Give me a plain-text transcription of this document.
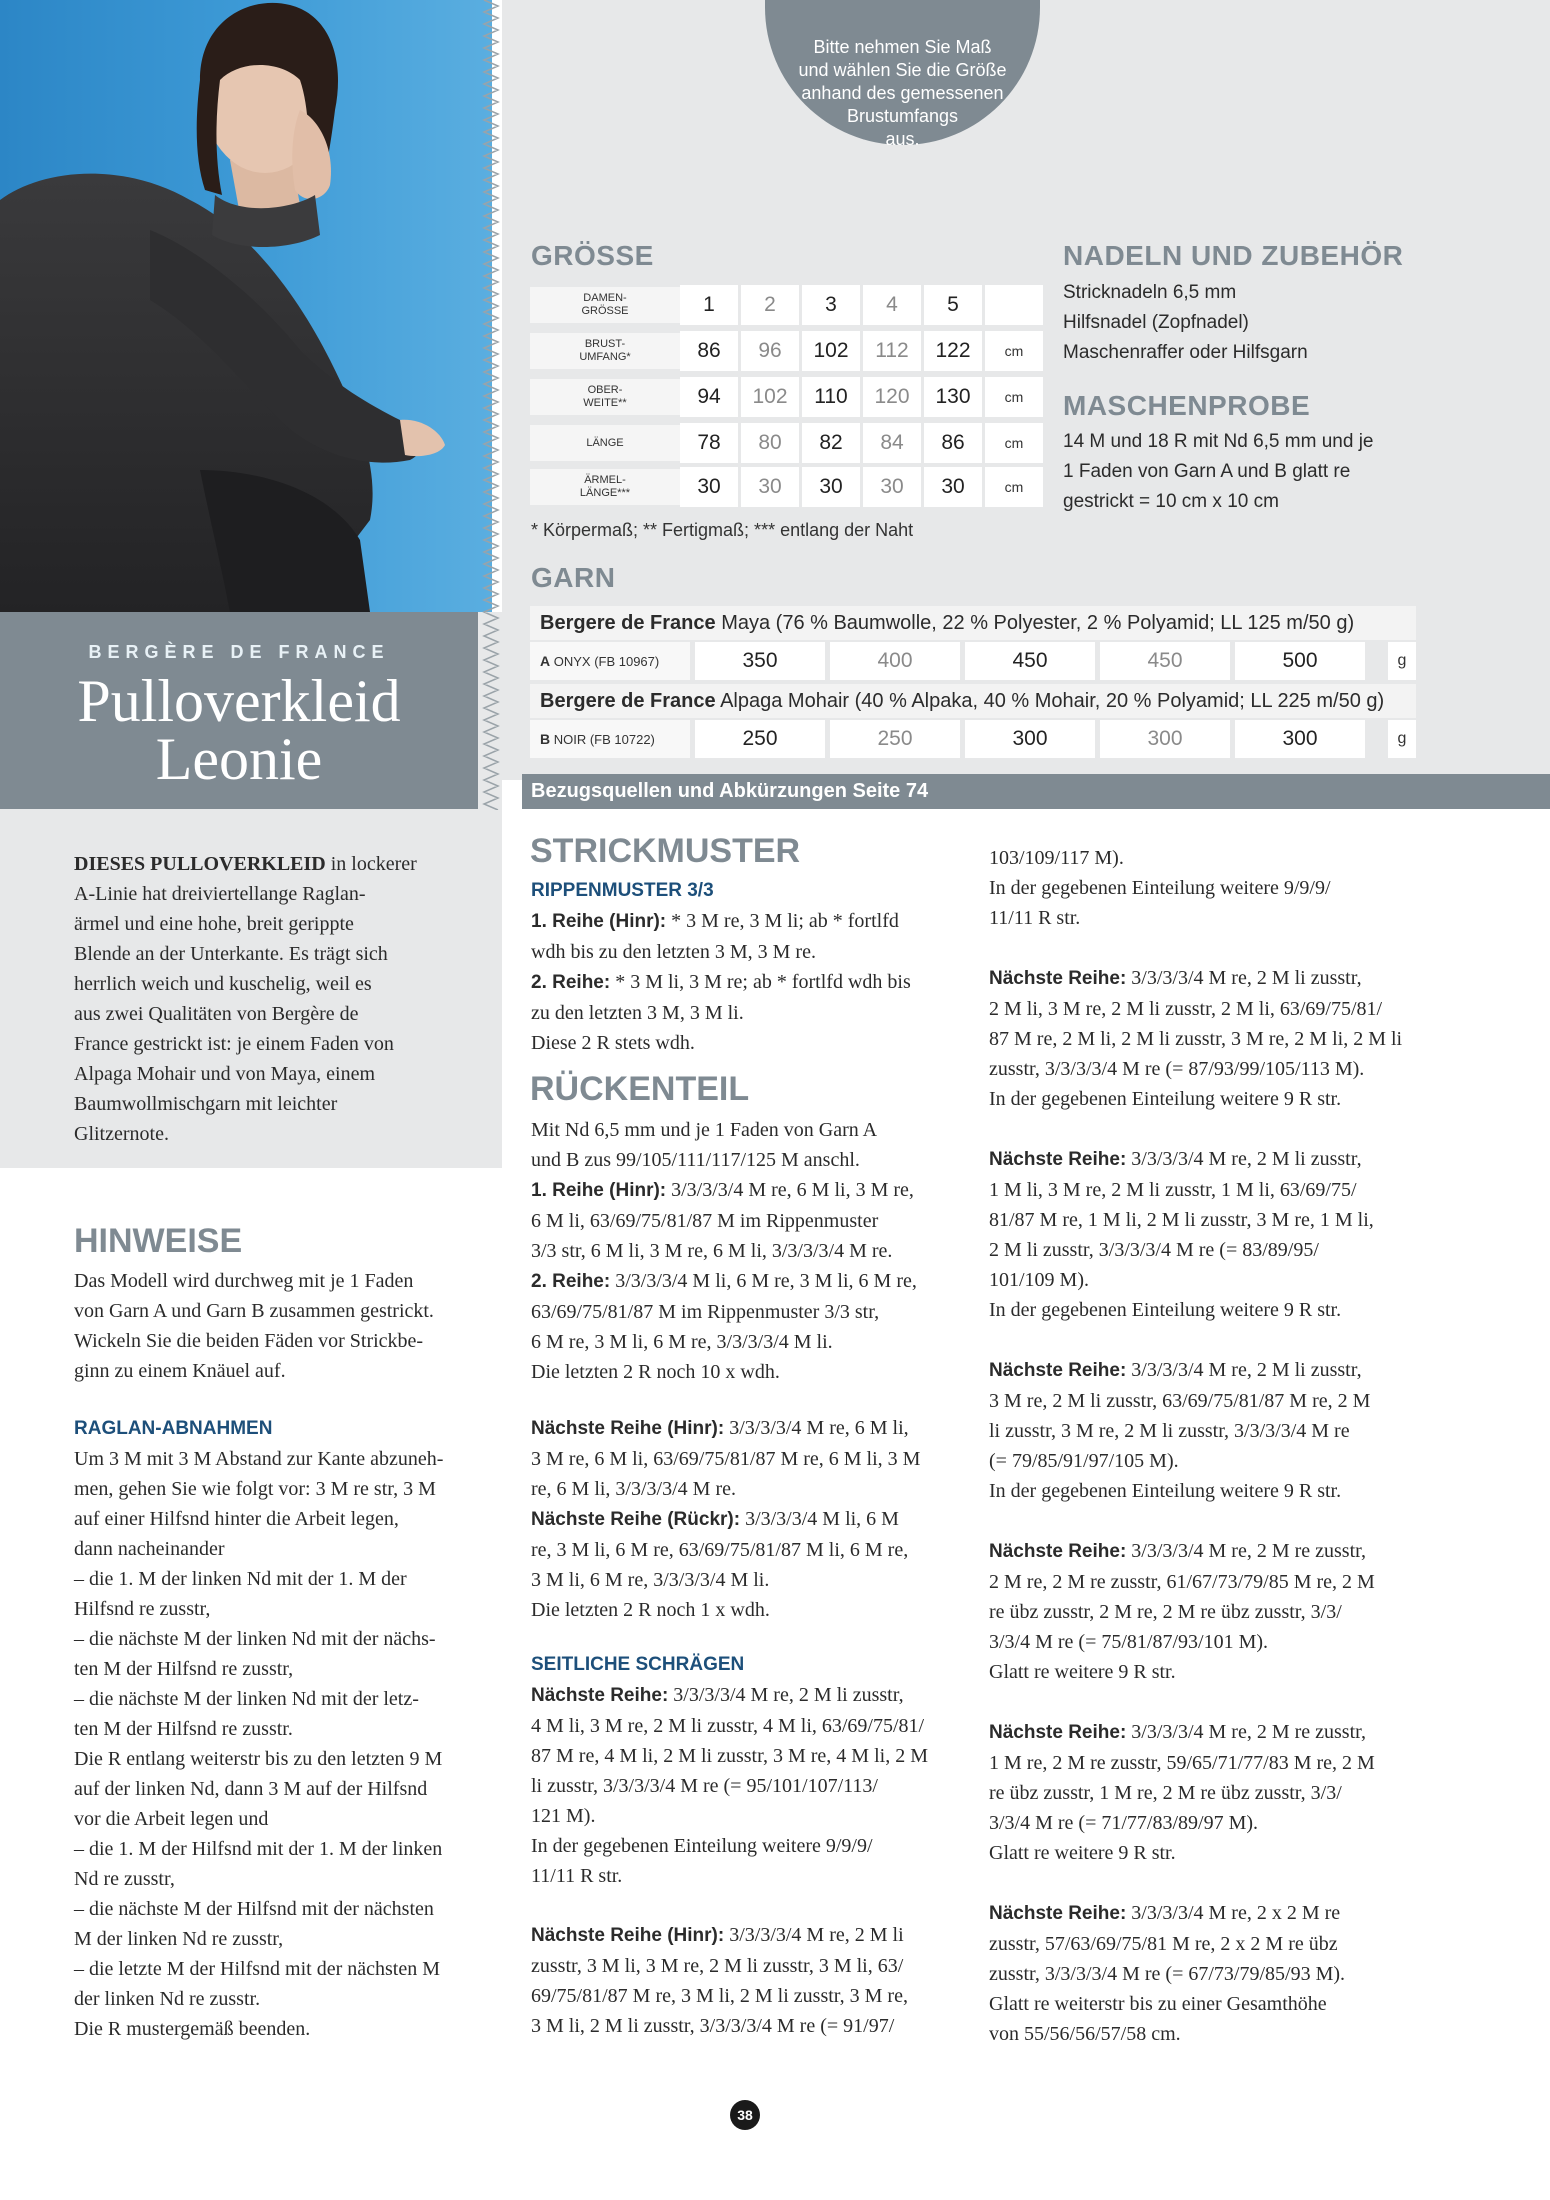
BERGÈRE DE FRANCE
Pulloverkleid
Leonie
DIESES PULLOVERKLEID in lockerer
A-Linie hat dreiviertellange Raglan-
ärmel und eine hohe, breit gerippte
Blende an der Unterkante. Es trägt sich
herrlich weich und kuschelig, weil es
aus zwei Qualitäten von Bergère de
France gestrickt ist: je einem Faden von
Alpaga Mohair und von Maya, einem
Baumwollmischgarn mit leichter
Glitzernote.
Bitte nehmen Sie Maß
und wählen Sie die Größe
anhand des gemessenen
Brustumfangs
aus.
GRÖSSE
DAMEN-
GRÖSSE	1	2	3	4	5
BRUST-
UMFANG*	86	96	102	112	122	cm
OBER-
WEITE**	94	102	110	120	130	cm
LÄNGE	78	80	82	84	86	cm
ÄRMEL-
LÄNGE***	30	30	30	30	30	cm
* Körpermaß; ** Fertigmaß; *** entlang der Naht
NADELN UND ZUBEHÖR
Stricknadeln 6,5 mm
Hilfsnadel (Zopfnadel)
Maschenraffer oder Hilfsgarn
MASCHENPROBE
14 M und 18 R mit Nd 6,5 mm und je
1 Faden von Garn A und B glatt re
gestrickt = 10 cm x 10 cm
GARN
Bergere de France Maya (76 % Baumwolle, 22 % Polyester, 2 % Polyamid; LL 125 m/50 g)
A ONYX (FB 10967)	350	400	450	450	500	g
Bergere de France Alpaga Mohair (40 % Alpaka, 40 % Mohair, 20 % Polyamid; LL 225 m/50 g)
B NOIR (FB 10722)	250	250	300	300	300	g
Bezugsquellen und Abkürzungen Seite 74
HINWEISE
Das Modell wird durchweg mit je 1 Faden
von Garn A und Garn B zusammen gestrickt.
Wickeln Sie die beiden Fäden vor Strickbe-
ginn zu einem Knäuel auf.
RAGLAN-ABNAHMEN
Um 3 M mit 3 M Abstand zur Kante abzuneh-
men, gehen Sie wie folgt vor: 3 M re str, 3 M
auf einer Hilfsnd hinter die Arbeit legen,
dann nacheinander
– die 1. M der linken Nd mit der 1. M der
Hilfsnd re zusstr,
– die nächste M der linken Nd mit der nächs-
ten M der Hilfsnd re zusstr,
– die nächste M der linken Nd mit der letz-
ten M der Hilfsnd re zusstr.
Die R entlang weiterstr bis zu den letzten 9 M
auf der linken Nd, dann 3 M auf der Hilfsnd
vor die Arbeit legen und
– die 1. M der Hilfsnd mit der 1. M der linken
Nd re zusstr,
– die nächste M der Hilfsnd mit der nächsten
M der linken Nd re zusstr,
– die letzte M der Hilfsnd mit der nächsten M
der linken Nd re zusstr.
Die R mustergemäß beenden.
STRICKMUSTER
RIPPENMUSTER 3/3
1. Reihe (Hinr): * 3 M re, 3 M li; ab * fortlfd
wdh bis zu den letzten 3 M, 3 M re.
2. Reihe: * 3 M li, 3 M re; ab * fortlfd wdh bis
zu den letzten 3 M, 3 M li.
Diese 2 R stets wdh.
RÜCKENTEIL
Mit Nd 6,5 mm und je 1 Faden von Garn A
und B zus 99/105/111/117/125 M anschl.
1. Reihe (Hinr): 3/3/3/3/4 M re, 6 M li, 3 M re,
6 M li, 63/69/75/81/87 M im Rippenmuster
3/3 str, 6 M li, 3 M re, 6 M li, 3/3/3/3/4 M re.
2. Reihe: 3/3/3/3/4 M li, 6 M re, 3 M li, 6 M re,
63/69/75/81/87 M im Rippenmuster 3/3 str,
6 M re, 3 M li, 6 M re, 3/3/3/3/4 M li.
Die letzten 2 R noch 10 x wdh.
Nächste Reihe (Hinr): 3/3/3/3/4 M re, 6 M li,
3 M re, 6 M li, 63/69/75/81/87 M re, 6 M li, 3 M
re, 6 M li, 3/3/3/3/4 M re.
Nächste Reihe (Rückr): 3/3/3/3/4 M li, 6 M
re, 3 M li, 6 M re, 63/69/75/81/87 M li, 6 M re,
3 M li, 6 M re, 3/3/3/3/4 M li.
Die letzten 2 R noch 1 x wdh.
SEITLICHE SCHRÄGEN
Nächste Reihe: 3/3/3/3/4 M re, 2 M li zusstr,
4 M li, 3 M re, 2 M li zusstr, 4 M li, 63/69/75/81/
87 M re, 4 M li, 2 M li zusstr, 3 M re, 4 M li, 2 M
li zusstr, 3/3/3/3/4 M re (= 95/101/107/113/
121 M).
In der gegebenen Einteilung weitere 9/9/9/
11/11 R str.
Nächste Reihe (Hinr): 3/3/3/3/4 M re, 2 M li
zusstr, 3 M li, 3 M re, 2 M li zusstr, 3 M li, 63/
69/75/81/87 M re, 3 M li, 2 M li zusstr, 3 M re,
3 M li, 2 M li zusstr, 3/3/3/3/4 M re (= 91/97/
103/109/117 M).
In der gegebenen Einteilung weitere 9/9/9/
11/11 R str.
Nächste Reihe: 3/3/3/3/4 M re, 2 M li zusstr,
2 M li, 3 M re, 2 M li zusstr, 2 M li, 63/69/75/81/
87 M re, 2 M li, 2 M li zusstr, 3 M re, 2 M li, 2 M li
zusstr, 3/3/3/3/4 M re (= 87/93/99/105/113 M).
In der gegebenen Einteilung weitere 9 R str.
Nächste Reihe: 3/3/3/3/4 M re, 2 M li zusstr,
1 M li, 3 M re, 2 M li zusstr, 1 M li, 63/69/75/
81/87 M re, 1 M li, 2 M li zusstr, 3 M re, 1 M li,
2 M li zusstr, 3/3/3/3/4 M re (= 83/89/95/
101/109 M).
In der gegebenen Einteilung weitere 9 R str.
Nächste Reihe: 3/3/3/3/4 M re, 2 M li zusstr,
3 M re, 2 M li zusstr, 63/69/75/81/87 M re, 2 M
li zusstr, 3 M re, 2 M li zusstr, 3/3/3/3/4 M re
(= 79/85/91/97/105 M).
In der gegebenen Einteilung weitere 9 R str.
Nächste Reihe: 3/3/3/3/4 M re, 2 M re zusstr,
2 M re, 2 M re zusstr, 61/67/73/79/85 M re, 2 M
re übz zusstr, 2 M re, 2 M re übz zusstr, 3/3/
3/3/4 M re (= 75/81/87/93/101 M).
Glatt re weitere 9 R str.
Nächste Reihe: 3/3/3/3/4 M re, 2 M re zusstr,
1 M re, 2 M re zusstr, 59/65/71/77/83 M re, 2 M
re übz zusstr, 1 M re, 2 M re übz zusstr, 3/3/
3/3/4 M re (= 71/77/83/89/97 M).
Glatt re weitere 9 R str.
Nächste Reihe: 3/3/3/3/4 M re, 2 x 2 M re
zusstr, 57/63/69/75/81 M re, 2 x 2 M re übz
zusstr, 3/3/3/3/4 M re (= 67/73/79/85/93 M).
Glatt re weiterstr bis zu einer Gesamthöhe
von 55/56/56/57/58 cm.
38
